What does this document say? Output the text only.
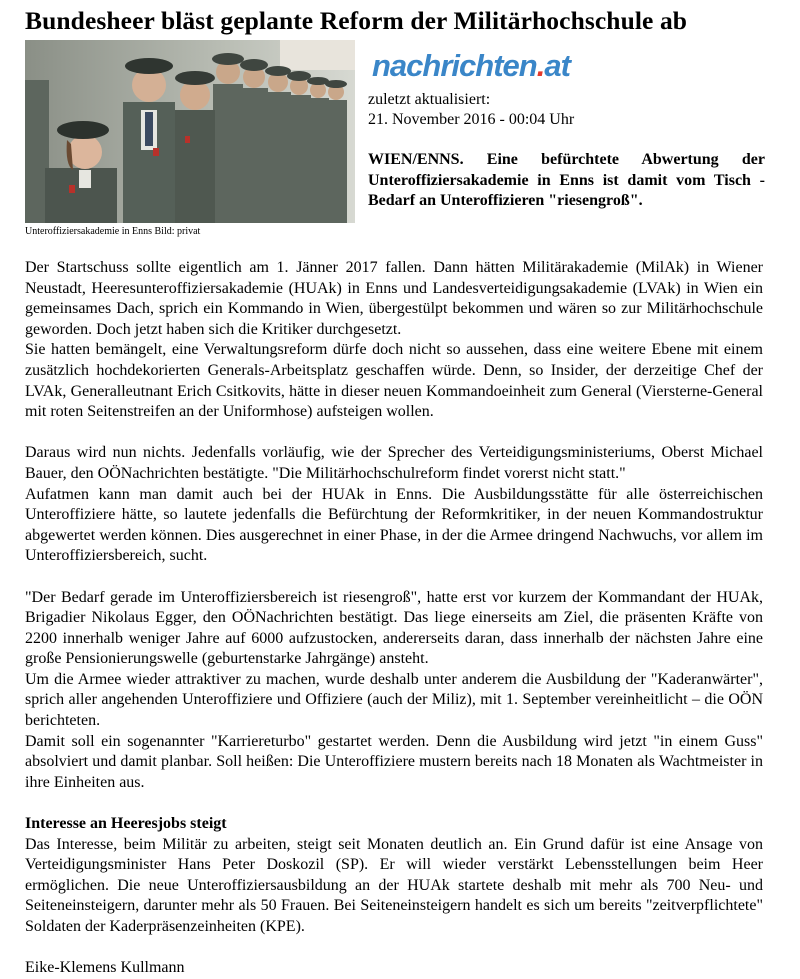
Bundesheer bläst geplante Reform der Militärhochschule ab
Unteroffiziersakademie in Enns Bild: privat
nachrichten.at
zuletzt aktualisiert:
21. November 2016 - 00:04 Uhr

WIEN/ENNS. Eine befürchtete Abwertung der Unteroffiziersakademie in Enns ist damit vom Tisch - Bedarf an Unteroffizieren "riesengroß".

Der Startschuss sollte eigentlich am 1. Jänner 2017 fallen. Dann hätten Militärakademie (MilAk) in Wiener Neustadt, Heeresunteroffiziersakademie (HUAk) in Enns und Landesverteidigungsakademie (LVAk) in Wien ein gemeinsames Dach, sprich ein Kommando in Wien, übergestülpt bekommen und wären so zur Militärhochschule geworden. Doch jetzt haben sich die Kritiker durchgesetzt.

Sie hatten bemängelt, eine Verwaltungsreform dürfe doch nicht so aussehen, dass eine weitere Ebene mit einem zusätzlich hochdekorierten Generals-Arbeitsplatz geschaffen würde. Denn, so Insider, der derzeitige Chef der LVAk, Generalleutnant Erich Csitkovits, hätte in dieser neuen Kommandoeinheit zum General (Viersterne-General mit roten Seitenstreifen an der Uniformhose) aufsteigen wollen.

Daraus wird nun nichts. Jedenfalls vorläufig, wie der Sprecher des Verteidigungsministeriums, Oberst Michael Bauer, den OÖNachrichten bestätigte. "Die Militärhochschulreform findet vorerst nicht statt."

Aufatmen kann man damit auch bei der HUAk in Enns. Die Ausbildungsstätte für alle österreichischen Unteroffiziere hätte, so lautete jedenfalls die Befürchtung der Reformkritiker, in der neuen Kommandostruktur abgewertet werden können. Dies ausgerechnet in einer Phase, in der die Armee dringend Nachwuchs, vor allem im Unteroffiziersbereich, sucht.

"Der Bedarf gerade im Unteroffiziersbereich ist riesengroß", hatte erst vor kurzem der Kommandant der HUAk, Brigadier Nikolaus Egger, den OÖNachrichten bestätigt. Das liege einerseits am Ziel, die präsenten Kräfte von 2200 innerhalb weniger Jahre auf 6000 aufzustocken, andererseits daran, dass innerhalb der nächsten Jahre eine große Pensionierungswelle (geburtenstarke Jahrgänge) ansteht.

Um die Armee wieder attraktiver zu machen, wurde deshalb unter anderem die Ausbildung der "Kaderanwärter", sprich aller angehenden Unteroffiziere und Offiziere (auch der Miliz), mit 1. September vereinheitlicht – die OÖN berichteten.

Damit soll ein sogenannter "Karriereturbo" gestartet werden. Denn die Ausbildung wird jetzt "in einem Guss" absolviert und damit planbar. Soll heißen: Die Unteroffiziere mustern bereits nach 18 Monaten als Wachtmeister in ihre Einheiten aus.

Interesse an Heeresjobs steigt

Das Interesse, beim Militär zu arbeiten, steigt seit Monaten deutlich an. Ein Grund dafür ist eine Ansage von Verteidigungsminister Hans Peter Doskozil (SP). Er will wieder verstärkt Lebensstellungen beim Heer ermöglichen. Die neue Unteroffiziersausbildung an der HUAk startete deshalb mit mehr als 700 Neu- und Seiteneinsteigern, darunter mehr als 50 Frauen. Bei Seiteneinsteigern handelt es sich um bereits "zeitverpflichtete" Soldaten der Kaderpräsenzeinheiten (KPE).

Eike-Klemens Kullmann
